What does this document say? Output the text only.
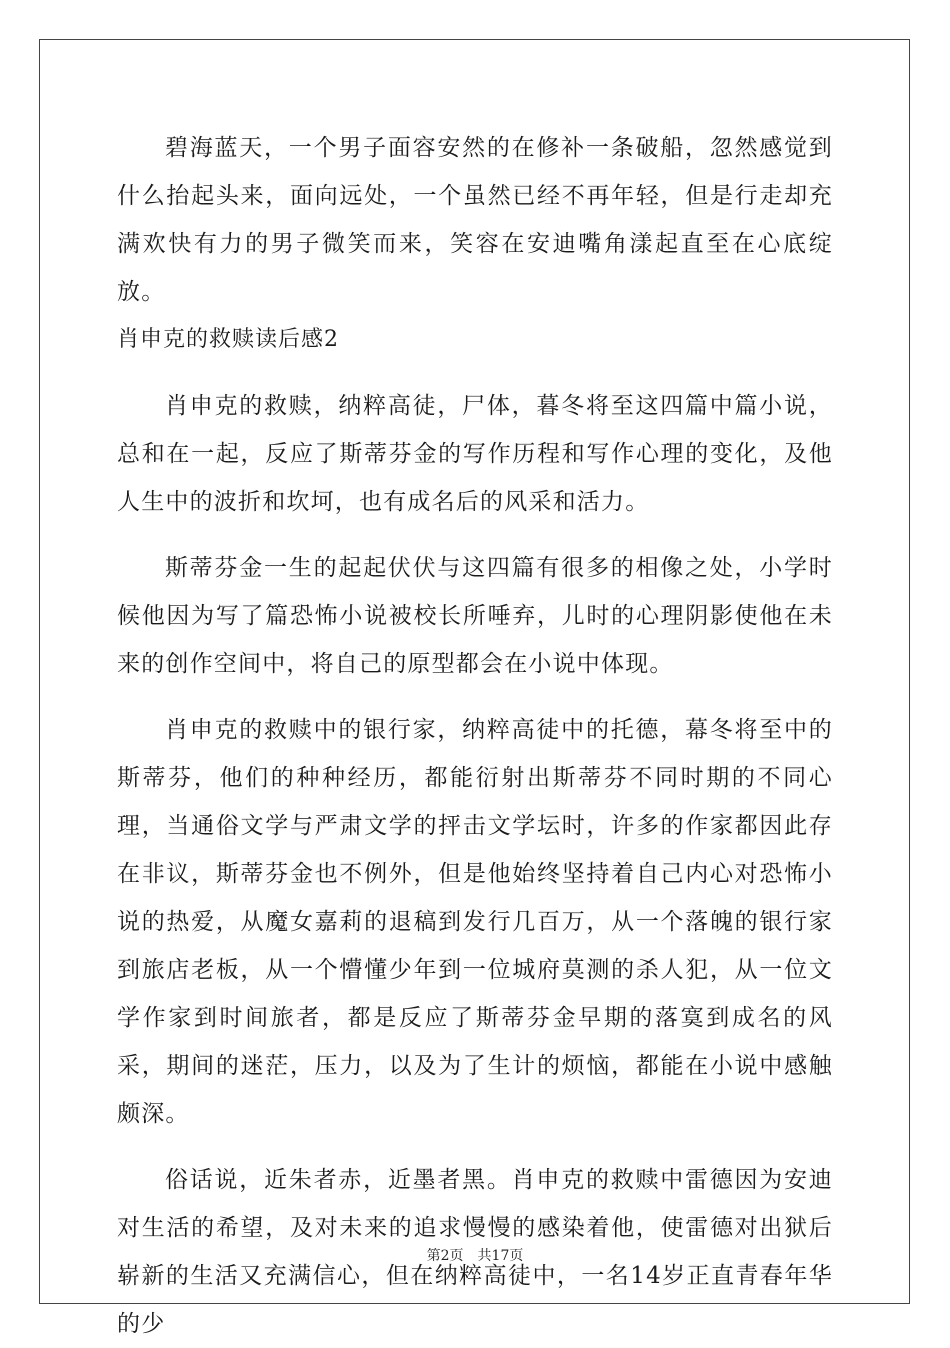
碧海蓝天，一个男子面容安然的在修补一条破船，忽然感觉到什么抬起头来，面向远处，一个虽然已经不再年轻，但是行走却充满欢快有力的男子微笑而来，笑容在安迪嘴角漾起直至在心底绽放。

肖申克的救赎读后感2

肖申克的救赎，纳粹高徒，尸体，暮冬将至这四篇中篇小说，总和在一起，反应了斯蒂芬金的写作历程和写作心理的变化，及他人生中的波折和坎坷，也有成名后的风采和活力。

斯蒂芬金一生的起起伏伏与这四篇有很多的相像之处，小学时候他因为写了篇恐怖小说被校长所唾弃，儿时的心理阴影使他在未来的创作空间中，将自己的原型都会在小说中体现。

肖申克的救赎中的银行家，纳粹高徒中的托德，幕冬将至中的斯蒂芬，他们的种种经历，都能衍射出斯蒂芬不同时期的不同心理，当通俗文学与严肃文学的抨击文学坛时，许多的作家都因此存在非议，斯蒂芬金也不例外，但是他始终坚持着自己内心对恐怖小说的热爱，从魔女嘉莉的退稿到发行几百万，从一个落魄的银行家到旅店老板，从一个懵懂少年到一位城府莫测的杀人犯，从一位文学作家到时间旅者，都是反应了斯蒂芬金早期的落寞到成名的风采，期间的迷茫，压力，以及为了生计的烦恼，都能在小说中感触颇深。

俗话说，近朱者赤，近墨者黑。肖申克的救赎中雷德因为安迪对生活的希望，及对未来的追求慢慢的感染着他，使雷德对出狱后崭新的生活又充满信心，但在纳粹高徒中，一名14岁正直青春年华的少

第2页 共17页
